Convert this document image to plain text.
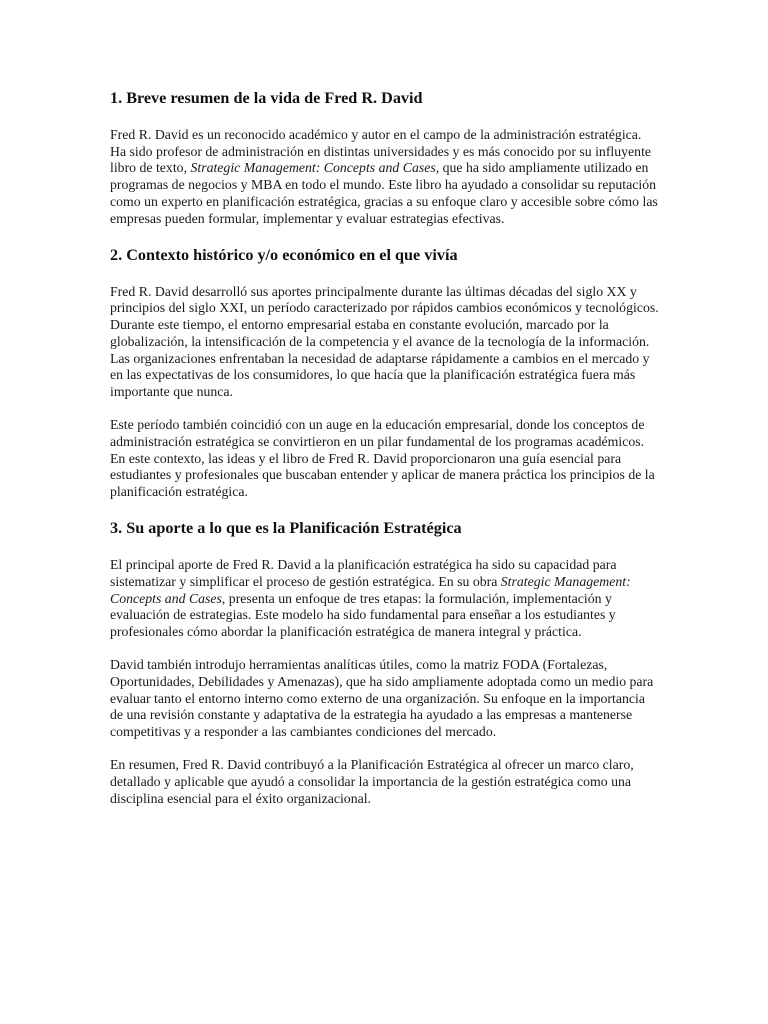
1. Breve resumen de la vida de Fred R. David

Fred R. David es un reconocido académico y autor en el campo de la administración estratégica. Ha sido profesor de administración en distintas universidades y es más conocido por su influyente libro de texto, Strategic Management: Concepts and Cases, que ha sido ampliamente utilizado en programas de negocios y MBA en todo el mundo. Este libro ha ayudado a consolidar su reputación como un experto en planificación estratégica, gracias a su enfoque claro y accesible sobre cómo las empresas pueden formular, implementar y evaluar estrategias efectivas.

2. Contexto histórico y/o económico en el que vivía

Fred R. David desarrolló sus aportes principalmente durante las últimas décadas del siglo XX y principios del siglo XXI, un período caracterizado por rápidos cambios económicos y tecnológicos. Durante este tiempo, el entorno empresarial estaba en constante evolución, marcado por la globalización, la intensificación de la competencia y el avance de la tecnología de la información. Las organizaciones enfrentaban la necesidad de adaptarse rápidamente a cambios en el mercado y en las expectativas de los consumidores, lo que hacía que la planificación estratégica fuera más importante que nunca.

Este período también coincidió con un auge en la educación empresarial, donde los conceptos de administración estratégica se convirtieron en un pilar fundamental de los programas académicos. En este contexto, las ideas y el libro de Fred R. David proporcionaron una guía esencial para estudiantes y profesionales que buscaban entender y aplicar de manera práctica los principios de la planificación estratégica.

3. Su aporte a lo que es la Planificación Estratégica

El principal aporte de Fred R. David a la planificación estratégica ha sido su capacidad para sistematizar y simplificar el proceso de gestión estratégica. En su obra Strategic Management: Concepts and Cases, presenta un enfoque de tres etapas: la formulación, implementación y evaluación de estrategias. Este modelo ha sido fundamental para enseñar a los estudiantes y profesionales cómo abordar la planificación estratégica de manera integral y práctica.

David también introdujo herramientas analíticas útiles, como la matriz FODA (Fortalezas, Oportunidades, Debilidades y Amenazas), que ha sido ampliamente adoptada como un medio para evaluar tanto el entorno interno como externo de una organización. Su enfoque en la importancia de una revisión constante y adaptativa de la estrategia ha ayudado a las empresas a mantenerse competitivas y a responder a las cambiantes condiciones del mercado.

En resumen, Fred R. David contribuyó a la Planificación Estratégica al ofrecer un marco claro, detallado y aplicable que ayudó a consolidar la importancia de la gestión estratégica como una disciplina esencial para el éxito organizacional.
